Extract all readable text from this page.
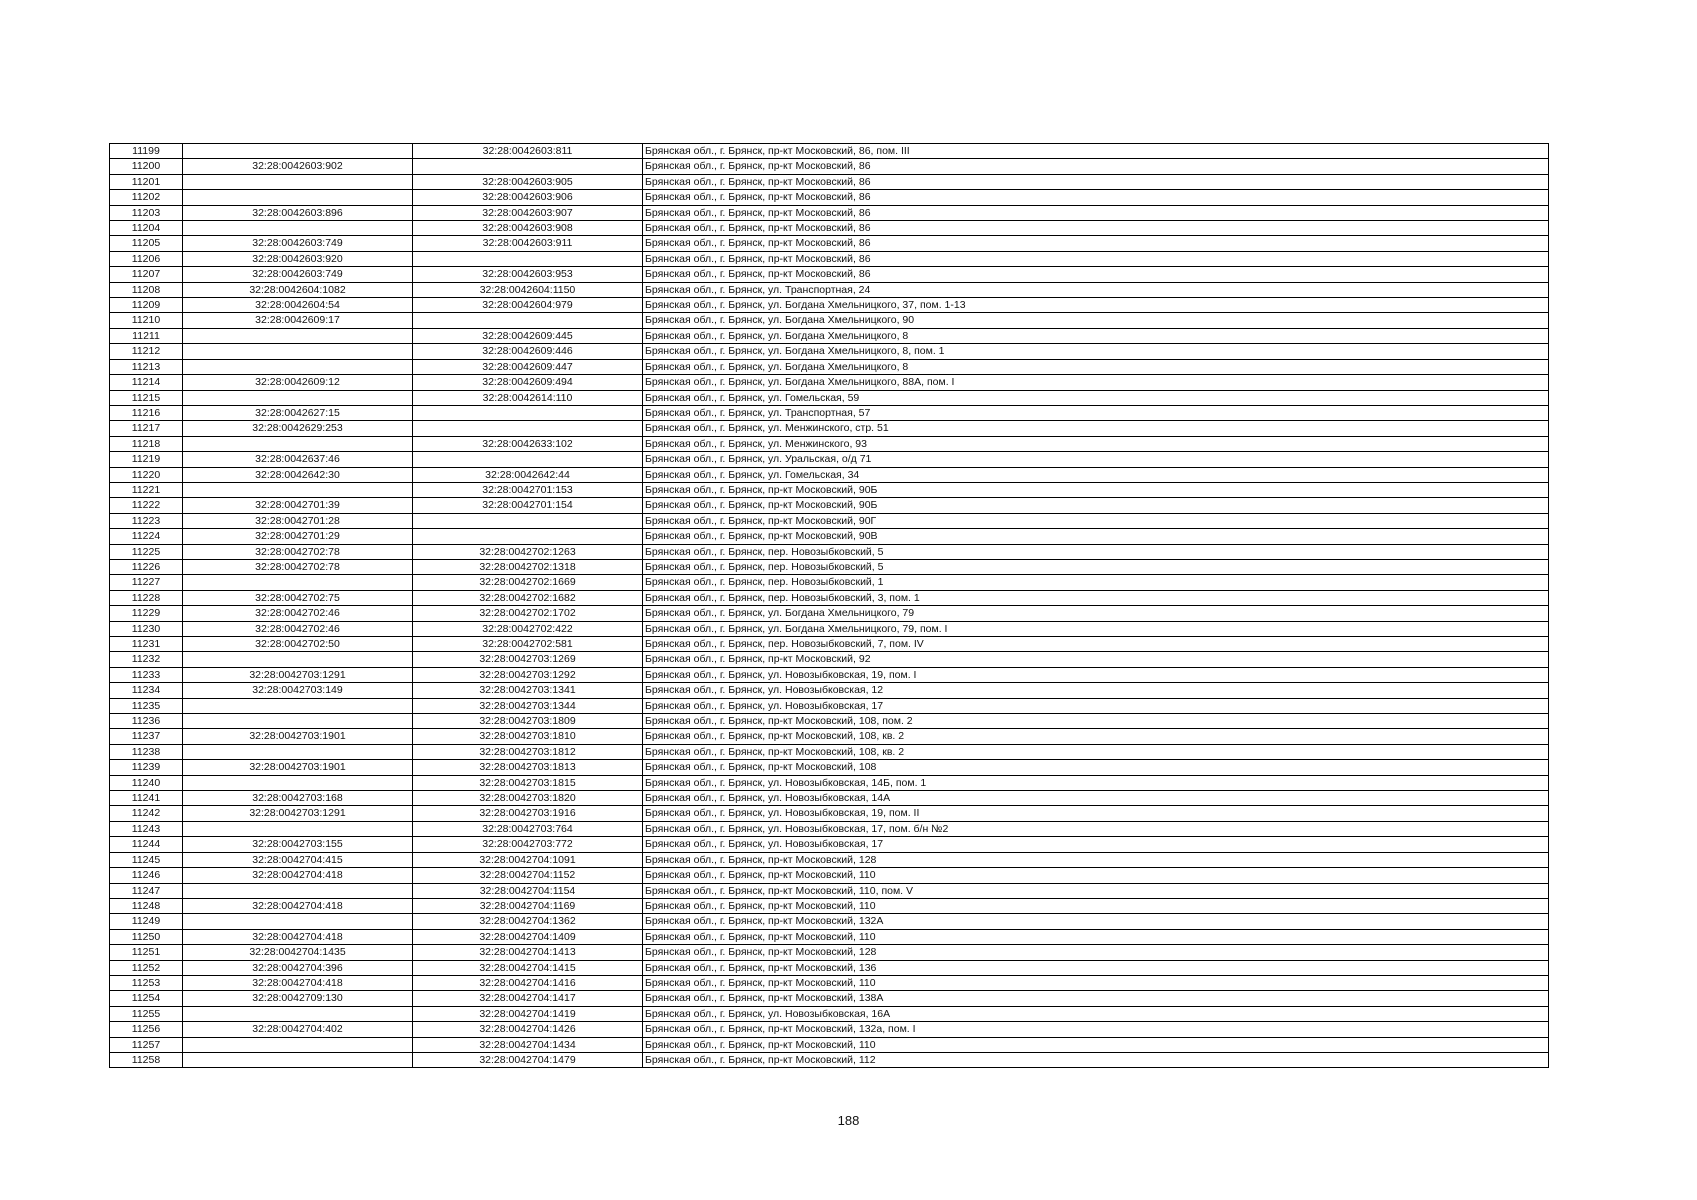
11199		32:28:0042603:811	Брянская обл., г. Брянск, пр-кт Московский, 86, пом. III
11200	32:28:0042603:902		Брянская обл., г. Брянск, пр-кт Московский, 86
11201		32:28:0042603:905	Брянская обл., г. Брянск, пр-кт Московский, 86
11202		32:28:0042603:906	Брянская обл., г. Брянск, пр-кт Московский, 86
11203	32:28:0042603:896	32:28:0042603:907	Брянская обл., г. Брянск, пр-кт Московский, 86
11204		32:28:0042603:908	Брянская обл., г. Брянск, пр-кт Московский, 86
11205	32:28:0042603:749	32:28:0042603:911	Брянская обл., г. Брянск, пр-кт Московский, 86
11206	32:28:0042603:920		Брянская обл., г. Брянск, пр-кт Московский, 86
11207	32:28:0042603:749	32:28:0042603:953	Брянская обл., г. Брянск, пр-кт Московский, 86
11208	32:28:0042604:1082	32:28:0042604:1150	Брянская обл., г. Брянск, ул. Транспортная, 24
11209	32:28:0042604:54	32:28:0042604:979	Брянская обл., г. Брянск, ул. Богдана Хмельницкого, 37, пом. 1-13
11210	32:28:0042609:17		Брянская обл., г. Брянск, ул. Богдана Хмельницкого, 90
11211		32:28:0042609:445	Брянская обл., г. Брянск, ул. Богдана Хмельницкого, 8
11212		32:28:0042609:446	Брянская обл., г. Брянск, ул. Богдана Хмельницкого, 8, пом. 1
11213		32:28:0042609:447	Брянская обл., г. Брянск, ул. Богдана Хмельницкого, 8
11214	32:28:0042609:12	32:28:0042609:494	Брянская обл., г. Брянск, ул. Богдана Хмельницкого, 88А, пом. I
11215		32:28:0042614:110	Брянская обл., г. Брянск, ул. Гомельская, 59
11216	32:28:0042627:15		Брянская обл., г. Брянск, ул. Транспортная, 57
11217	32:28:0042629:253		Брянская обл., г. Брянск, ул. Менжинского, стр. 51
11218		32:28:0042633:102	Брянская обл., г. Брянск, ул. Менжинского, 93
11219	32:28:0042637:46		Брянская обл., г. Брянск, ул. Уральская, о/д 71
11220	32:28:0042642:30	32:28:0042642:44	Брянская обл., г. Брянск, ул. Гомельская, 34
11221		32:28:0042701:153	Брянская обл., г. Брянск, пр-кт Московский, 90Б
11222	32:28:0042701:39	32:28:0042701:154	Брянская обл., г. Брянск, пр-кт Московский, 90Б
11223	32:28:0042701:28		Брянская обл., г. Брянск, пр-кт Московский, 90Г
11224	32:28:0042701:29		Брянская обл., г. Брянск, пр-кт Московский, 90В
11225	32:28:0042702:78	32:28:0042702:1263	Брянская обл., г. Брянск, пер. Новозыбковский, 5
11226	32:28:0042702:78	32:28:0042702:1318	Брянская обл., г. Брянск, пер. Новозыбковский, 5
11227		32:28:0042702:1669	Брянская обл., г. Брянск, пер. Новозыбковский, 1
11228	32:28:0042702:75	32:28:0042702:1682	Брянская обл., г. Брянск, пер. Новозыбковский, 3, пом. 1
11229	32:28:0042702:46	32:28:0042702:1702	Брянская обл., г. Брянск, ул. Богдана Хмельницкого, 79
11230	32:28:0042702:46	32:28:0042702:422	Брянская обл., г. Брянск, ул. Богдана Хмельницкого, 79, пом. I
11231	32:28:0042702:50	32:28:0042702:581	Брянская обл., г. Брянск, пер. Новозыбковский, 7, пом. IV
11232		32:28:0042703:1269	Брянская обл., г. Брянск, пр-кт Московский, 92
11233	32:28:0042703:1291	32:28:0042703:1292	Брянская обл., г. Брянск, ул. Новозыбковская, 19, пом. I
11234	32:28:0042703:149	32:28:0042703:1341	Брянская обл., г. Брянск, ул. Новозыбковская, 12
11235		32:28:0042703:1344	Брянская обл., г. Брянск, ул. Новозыбковская, 17
11236		32:28:0042703:1809	Брянская обл., г. Брянск, пр-кт Московский, 108, пом. 2
11237	32:28:0042703:1901	32:28:0042703:1810	Брянская обл., г. Брянск, пр-кт Московский, 108, кв. 2
11238		32:28:0042703:1812	Брянская обл., г. Брянск, пр-кт Московский, 108, кв. 2
11239	32:28:0042703:1901	32:28:0042703:1813	Брянская обл., г. Брянск, пр-кт Московский, 108
11240		32:28:0042703:1815	Брянская обл., г. Брянск, ул. Новозыбковская, 14Б, пом. 1
11241	32:28:0042703:168	32:28:0042703:1820	Брянская обл., г. Брянск, ул. Новозыбковская, 14А
11242	32:28:0042703:1291	32:28:0042703:1916	Брянская обл., г. Брянск, ул. Новозыбковская, 19, пом. II
11243		32:28:0042703:764	Брянская обл., г. Брянск, ул. Новозыбковская, 17, пом. б/н №2
11244	32:28:0042703:155	32:28:0042703:772	Брянская обл., г. Брянск, ул. Новозыбковская, 17
11245	32:28:0042704:415	32:28:0042704:1091	Брянская обл., г. Брянск, пр-кт Московский, 128
11246	32:28:0042704:418	32:28:0042704:1152	Брянская обл., г. Брянск, пр-кт Московский, 110
11247		32:28:0042704:1154	Брянская обл., г. Брянск, пр-кт Московский, 110, пом. V
11248	32:28:0042704:418	32:28:0042704:1169	Брянская обл., г. Брянск, пр-кт Московский, 110
11249		32:28:0042704:1362	Брянская обл., г. Брянск, пр-кт Московский, 132А
11250	32:28:0042704:418	32:28:0042704:1409	Брянская обл., г. Брянск, пр-кт Московский, 110
11251	32:28:0042704:1435	32:28:0042704:1413	Брянская обл., г. Брянск, пр-кт Московский, 128
11252	32:28:0042704:396	32:28:0042704:1415	Брянская обл., г. Брянск, пр-кт Московский, 136
11253	32:28:0042704:418	32:28:0042704:1416	Брянская обл., г. Брянск, пр-кт Московский, 110
11254	32:28:0042709:130	32:28:0042704:1417	Брянская обл., г. Брянск, пр-кт Московский, 138А
11255		32:28:0042704:1419	Брянская обл., г. Брянск, ул. Новозыбковская, 16А
11256	32:28:0042704:402	32:28:0042704:1426	Брянская обл., г. Брянск, пр-кт Московский, 132а, пом. I
11257		32:28:0042704:1434	Брянская обл., г. Брянск, пр-кт Московский, 110
11258		32:28:0042704:1479	Брянская обл., г. Брянск, пр-кт Московский, 112
188
